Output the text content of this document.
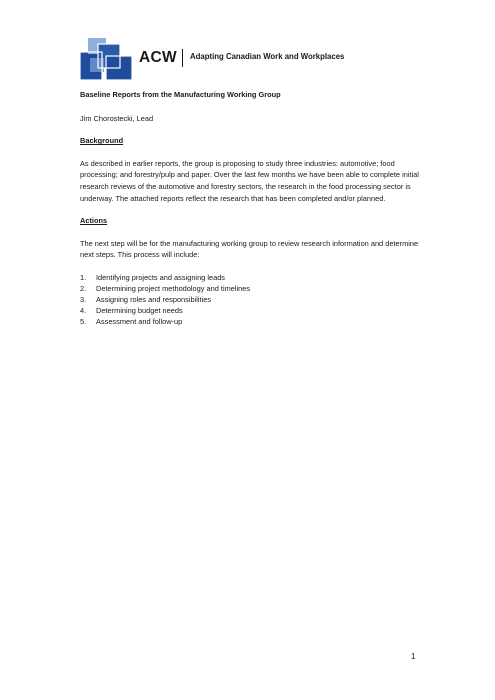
ACW Adapting Canadian Work and Workplaces

Baseline Reports from the Manufacturing Working Group

Jim Chorostecki, Lead

Background

As described in earlier reports, the group is proposing to study three industries: automotive; food processing; and forestry/pulp and paper. Over the last few months we have been able to complete initial research reviews of the automotive and forestry sectors, the research in the food processing sector is underway. The attached reports reflect the research that has been completed and/or planned.

Actions

The next step will be for the manufacturing working group to review research information and determine next steps. This process will include:

1.	Identifying projects and assigning leads
2.	Determining project methodology and timelines
3.	Assigning roles and responsibilities
4.	Determining budget needs
5.	Assessment and follow-up
1
